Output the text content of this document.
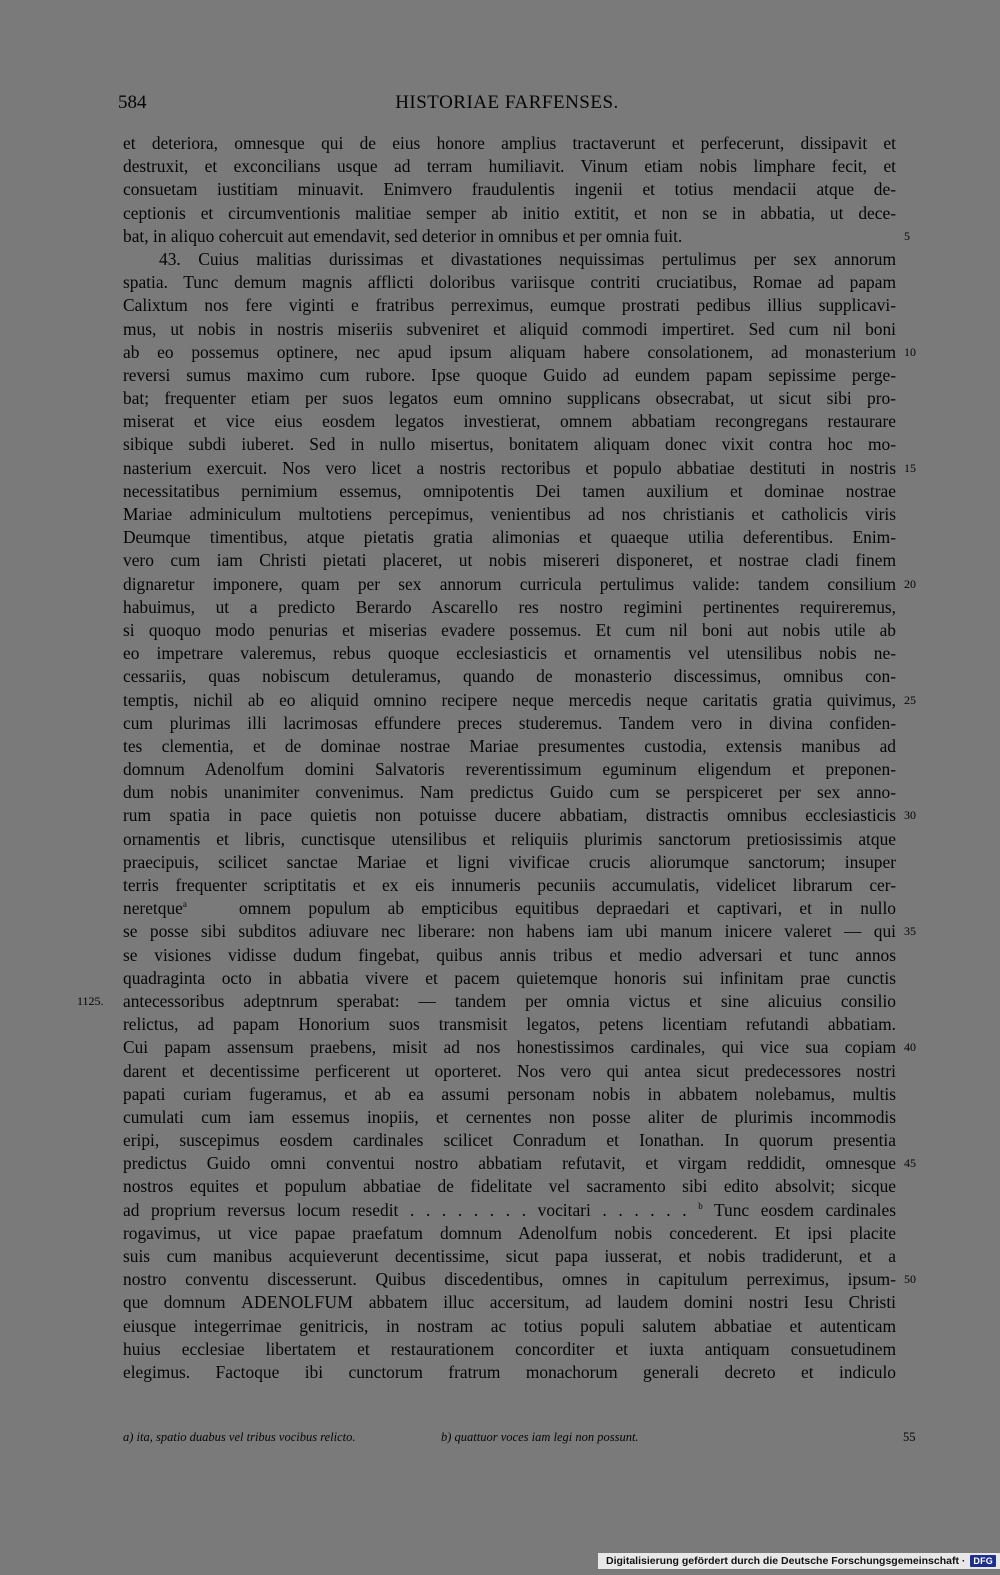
584	HISTORIAE FARFENSES.
et deteriora, omnesque qui de eius honore amplius tractaverunt et perfecerunt, dissipavit et
destruxit, et exconcilians usque ad terram humiliavit. Vinum etiam nobis limphare fecit, et
consuetam iustitiam minuavit. Enimvero fraudulentis ingenii et totius mendacii atque de-
ceptionis et circumventionis malitiae semper ab initio extitit, et non se in abbatia, ut dece-
bat, in aliquo cohercuit aut emendavit, sed deterior in omnibus et per omnia fuit.	5
43. Cuius malitias durissimas et divastationes nequissimas pertulimus per sex annorum
spatia. Tunc demum magnis afflicti doloribus variisque contriti cruciatibus, Romae ad papam
Calixtum nos fere viginti e fratribus perreximus, eumque prostrati pedibus illius supplicavi-
mus, ut nobis in nostris miseriis subveniret et aliquid commodi impertiret. Sed cum nil boni
ab eo possemus optinere, nec apud ipsum aliquam habere consolationem, ad monasterium 10
reversi sumus maximo cum rubore. Ipse quoque Guido ad eundem papam sepissime perge-
bat; frequenter etiam per suos legatos eum omnino supplicans obsecrabat, ut sicut sibi pro-
miserat et vice eius eosdem legatos investierat, omnem abbatiam recongregans restaurare
sibique subdi iuberet. Sed in nullo misertus, bonitatem aliquam donec vixit contra hoc mo-
nasterium exercuit. Nos vero licet a nostris rectoribus et populo abbatiae destituti in nostris 15
necessitatibus pernimium essemus, omnipotentis Dei tamen auxilium et dominae nostrae
Mariae adminiculum multotiens percepimus, venientibus ad nos christianis et catholicis viris
Deumque timentibus, atque pietatis gratia alimonias et quaeque utilia deferentibus. Enim-
vero cum iam Christi pietati placeret, ut nobis misereri disponeret, et nostrae cladi finem
dignaretur imponere, quam per sex annorum curricula pertulimus valide: tandem consilium 20
habuimus, ut a predicto Berardo Ascarello res nostro regimini pertinentes requireremus,
si quoquo modo penurias et miserias evadere possemus. Et cum nil boni aut nobis utile ab
eo impetrare valeremus, rebus quoque ecclesiasticis et ornamentis vel utensilibus nobis ne-
cessariis, quas nobiscum detuleramus, quando de monasterio discessimus, omnibus con-
temptis, nichil ab eo aliquid omnino recipere neque mercedis neque caritatis gratia quivimus, 25
cum plurimas illi lacrimosas effundere preces studeremus. Tandem vero in divina confiden-
tes clementia, et de dominae nostrae Mariae presumentes custodia, extensis manibus ad
domnum Adenolfum domini Salvatoris reverentissimum eguminum eligendum et preponen-
dum nobis unanimiter convenimus. Nam predictus Guido cum se perspiceret per sex anno-
rum spatia in pace quietis non potuisse ducere abbatiam, distractis omnibus ecclesiasticis 30
ornamentis et libris, cunctisque utensilibus et reliquiis plurimis sanctorum pretiosissimis atque
praecipuis, scilicet sanctae Mariae et ligni vivificae crucis aliorumque sanctorum; insuper
terris frequenter scriptitatis et ex eis innumeris pecuniis accumulatis, videlicet librarum cer-
neretque$^a$	omnem populum ab empticibus equitibus depraedari et captivari, et in nullo
se posse sibi subditos adiuvare nec liberare: non habens iam ubi manum inicere valeret — qui 35
se visiones vidisse dudum fingebat, quibus annis tribus et medio adversari et tunc annos
quadraginta octo in abbatia vivere et pacem quietemque honoris sui infinitam prae cunctis
1125. antecessoribus adeptnrum sperabat: — tandem per omnia victus et sine alicuius consilio
relictus, ad papam Honorium suos transmisit legatos, petens licentiam refutandi abbatiam.
Cui papam assensum praebens, misit ad nos honestissimos cardinales, qui vice sua copiam 40
darent et decentissime perficerent ut oporteret. Nos vero qui antea sicut predecessores nostri
papati curiam fugeramus, et ab ea assumi personam nobis in abbatem nolebamus, multis
cumulati cum iam essemus inopiis, et cernentes non posse aliter de plurimis incommodis
eripi, suscepimus eosdem cardinales scilicet Conradum et Ionathan. In quorum presentia
predictus Guido omni conventui nostro abbatiam refutavit, et virgam reddidit, omnesque 45
nostros equites et populum abbatiae de fidelitate vel sacramento sibi edito absolvit; sicque
ad proprium reversus locum resedit . . . . . . . . vocitari . . . . . . $^b$ Tunc eosdem cardinales
rogavimus, ut vice papae praefatum domnum Adenolfum nobis concederent. Et ipsi placite
suis cum manibus acquieverunt decentissime, sicut papa iusserat, et nobis tradiderunt, et a
nostro conventu discesserunt. Quibus discedentibus, omnes in capitulum perreximus, ipsum- 50
que domnum ADENOLFUM abbatem illuc accersitum, ad laudem domini nostri Iesu Christi
eiusque integerrimae genitricis, in nostram ac totius populi salutem abbatiae et autenticam
huius ecclesiae libertatem et restaurationem concorditer et iuxta antiquam consuetudinem
elegimus. Factoque ibi cunctorum fratrum monachorum generali decreto et indiculo
a) ita, spatio duabus vel tribus vocibus relicto.	b) quattuor voces iam legi non possunt.	55
Digitalisierung gefördert durch die Deutsche Forschungsgemeinschaft · DFG
